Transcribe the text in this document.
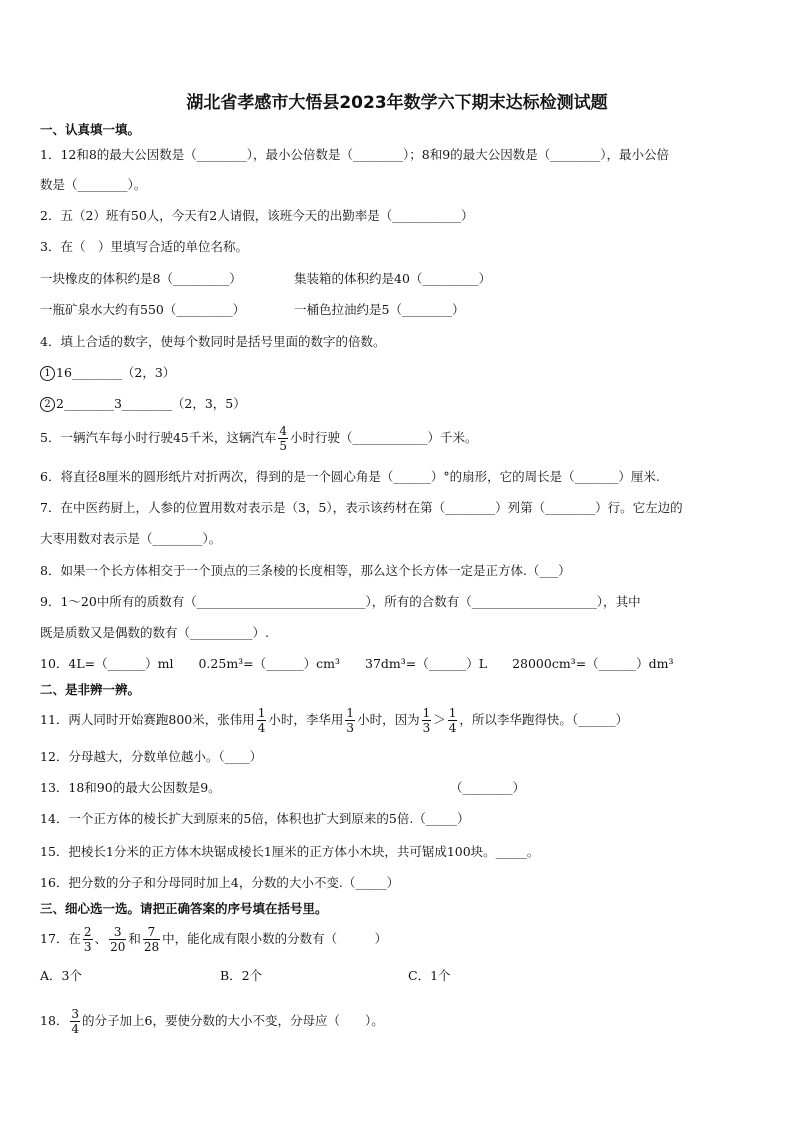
湖北省孝感市大悟县2023年数学六下期末达标检测试题
一、认真填一填。
1．12和8的最大公因数是（________），最小公倍数是（________）；8和9的最大公因数是（________），最小公倍
数是（________）。
2．五（2）班有50人，今天有2人请假，该班今天的出勤率是（___________）
3．在（　）里填写合适的单位名称。
一块橡皮的体积约是8（_________）	集装箱的体积约是40（_________）
一瓶矿泉水大约有550（_________）	一桶色拉油约是5（________）
4．填上合适的数字，使每个数同时是括号里面的数字的倍数。
1 16________（2，3）
2 2________3________（2，3，5）
5．一辆汽车每小时行驶45千米，这辆汽车 $\frac{4}{5}$ 小时行驶（____________）千米。
6．将直径8厘米的圆形纸片对折两次，得到的是一个圆心角是（______）°的扇形，它的周长是（_______）厘米.
7．在中医药厨上，人参的位置用数对表示是（3，5），表示该药材在第（________）列第（________）行。它左边的
大枣用数对表示是（________）。
8．如果一个长方体相交于一个顶点的三条棱的长度相等，那么这个长方体一定是正方体.（___）
9．1～20中所有的质数有（___________________________），所有的合数有（____________________），其中
既是质数又是偶数的数有（__________）.
10．4L=（______）ml　　0.25m³=（______）cm³　　37dm³=（______）L　　28000cm³=（______）dm³
二、是非辨一辨。
11．两人同时开始赛跑800米，张伟用 $\frac{1}{4}$ 小时，李华用 $\frac{1}{3}$ 小时，因为 $\frac{1}{3} > \frac{1}{4}$ ，所以李华跑得快。（______）
12．分母越大，分数单位越小。（____）
13．18和90的最大公因数是9。	（________）
14．一个正方体的棱长扩大到原来的5倍，体积也扩大到原来的5倍.（_____）
15．把棱长1分米的正方体木块锯成棱长1厘米的正方体小木块，共可锯成100块。_____。
16．把分数的分子和分母同时加上4，分数的大小不变.（_____）
三、细心选一选。请把正确答案的序号填在括号里。
17．在 $\frac{2}{3}$ 、 $\frac{3}{20}$ 和 $\frac{7}{28}$ 中，能化成有限小数的分数有（　　　）
A．3个	B．2个	C．1个
18． $\frac{3}{4}$ 的分子加上6，要使分数的大小不变，分母应（　　）。
